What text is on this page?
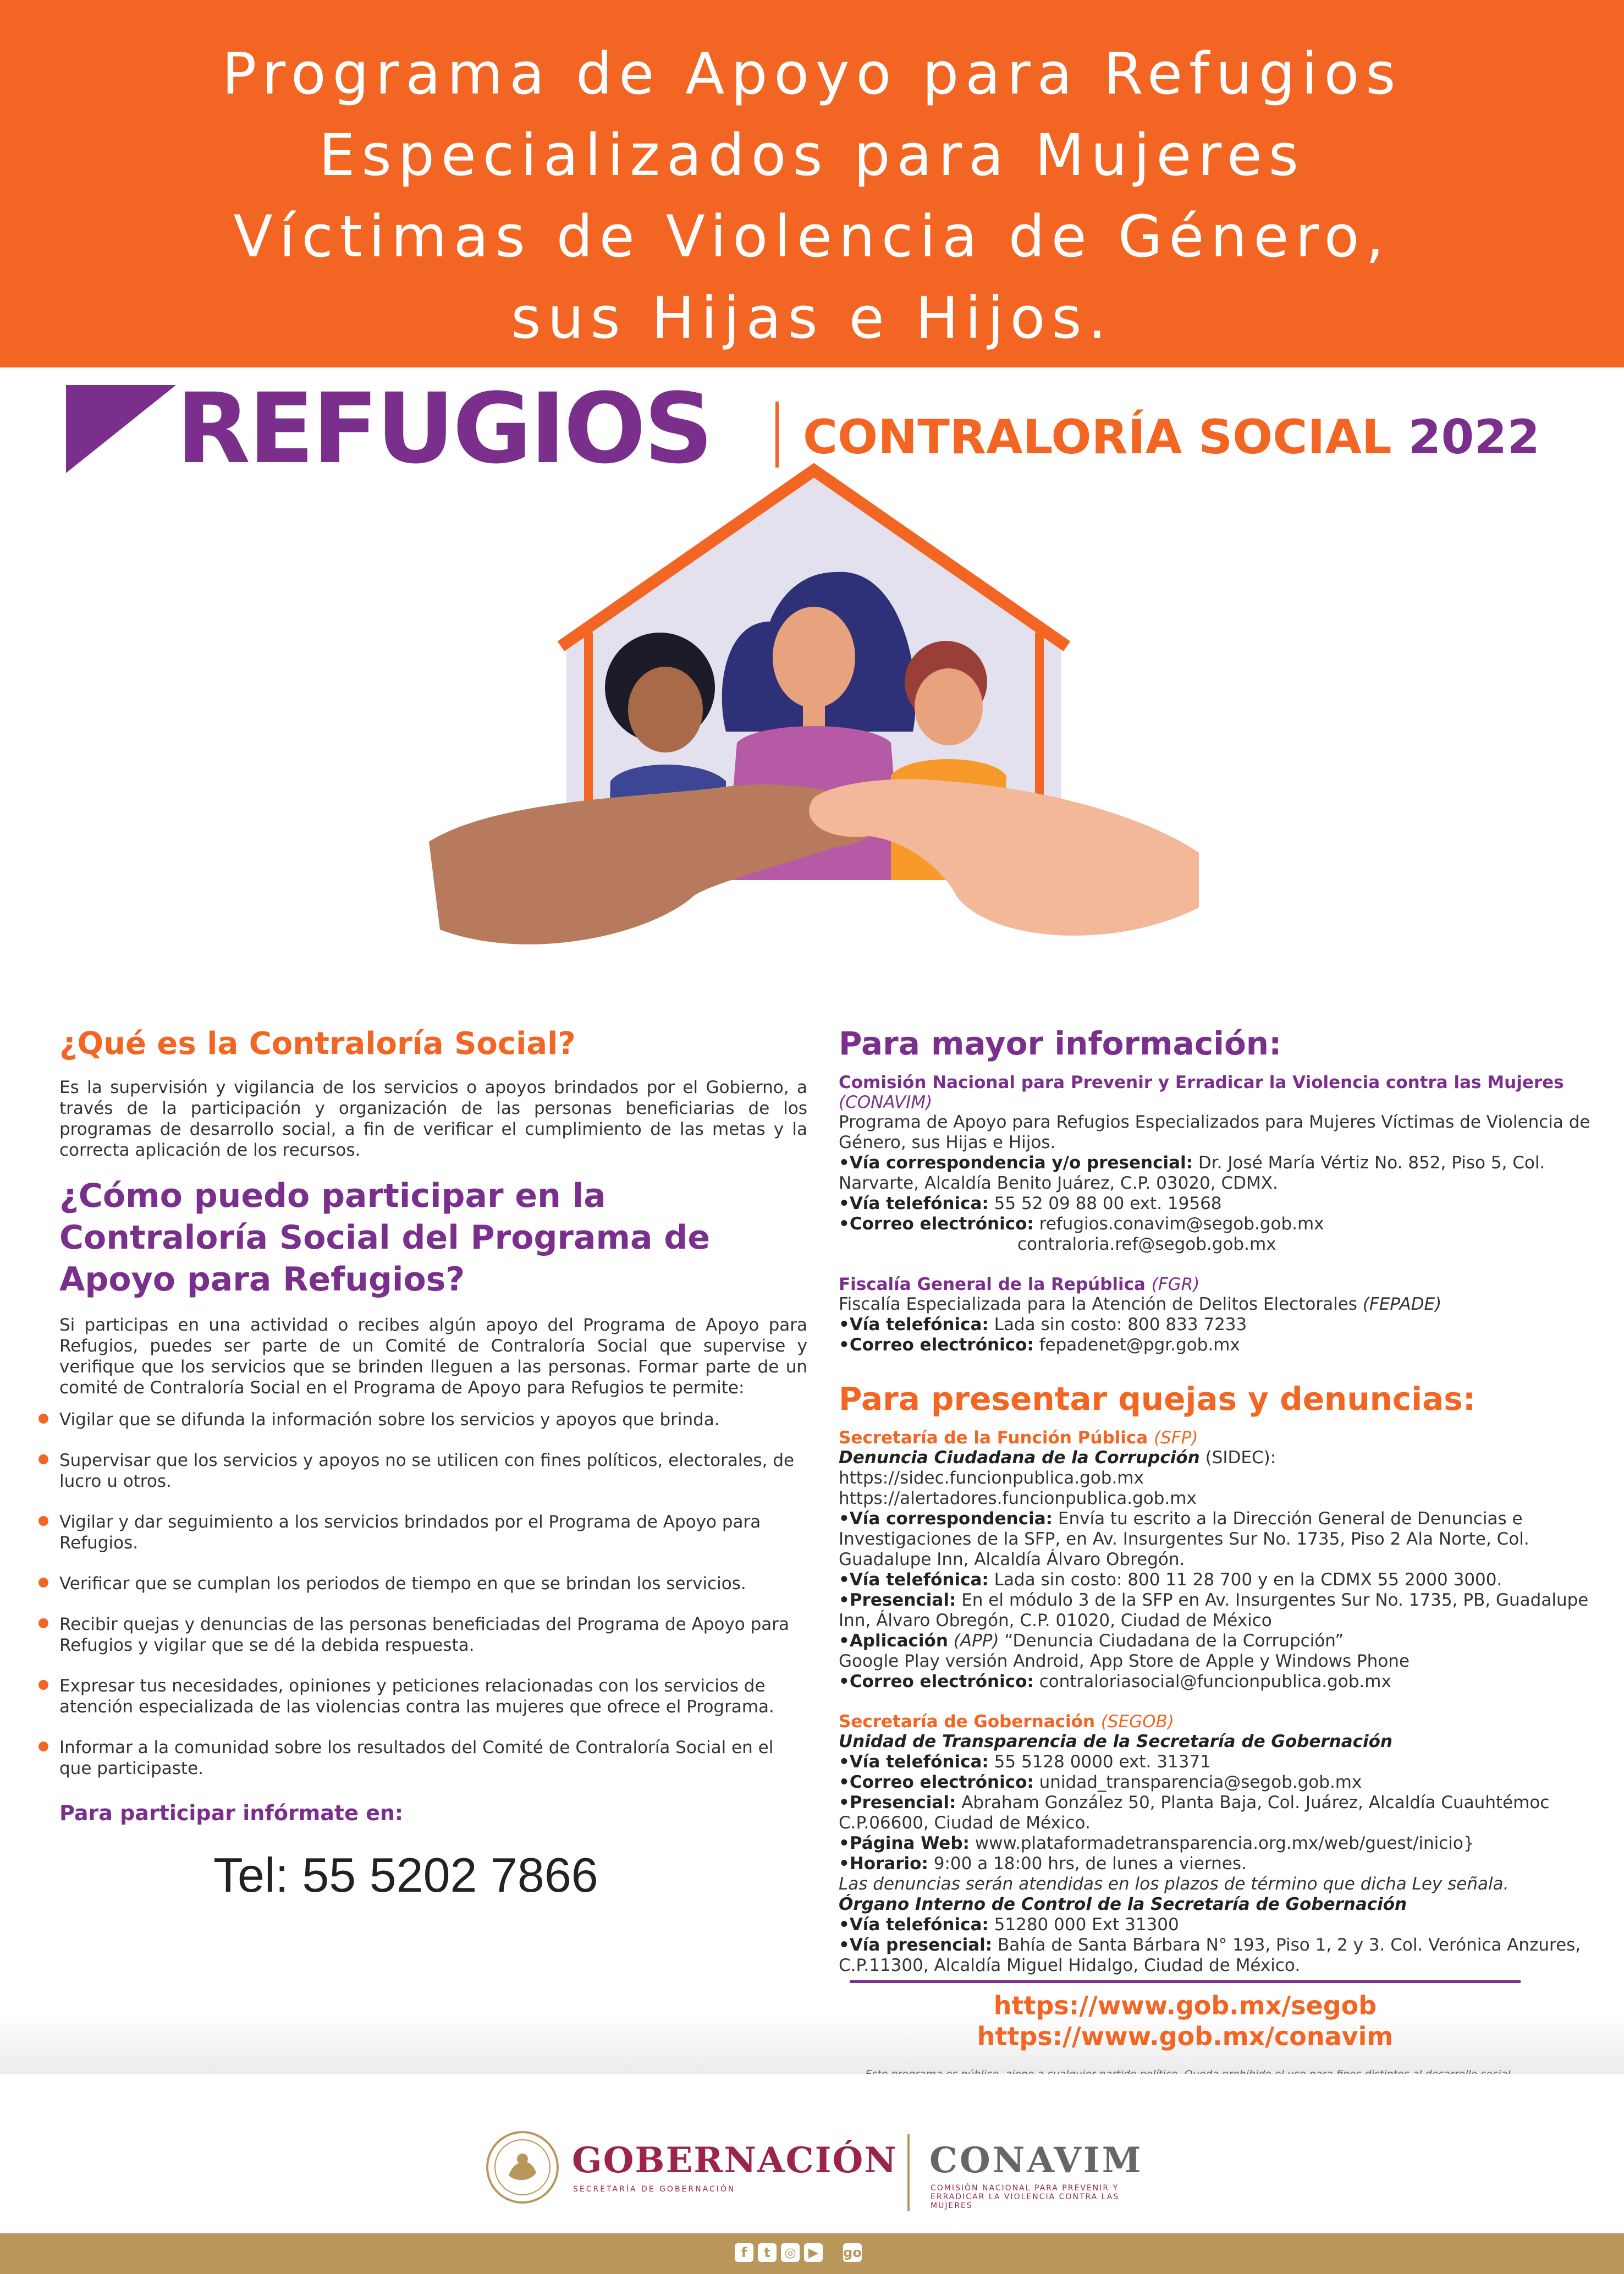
Programa de Apoyo para Refugios
Especializados para Mujeres
Víctimas de Violencia de Género,
sus Hijas e Hijos.
REFUGIOS CONTRALORÍA SOCIAL 2022
¿Qué es la Contraloría Social?

Es la supervisión y vigilancia de los servicios o apoyos brindados por el Gobierno, a través de la participación y organización de las personas beneficiarias de los programas de desarrollo social, a fin de verificar el cumplimiento de las metas y la correcta aplicación de los recursos.

¿Cómo puedo participar en la Contraloría Social del Programa de Apoyo para Refugios?

Si participas en una actividad o recibes algún apoyo del Programa de Apoyo para Refugios, puedes ser parte de un Comité de Contraloría Social que supervise y verifique que los servicios que se brinden lleguen a las personas. Formar parte de un comité de Contraloría Social en el Programa de Apoyo para Refugios te permite:

Vigilar que se difunda la información sobre los servicios y apoyos que brinda.
Supervisar que los servicios y apoyos no se utilicen con fines políticos, electorales, de lucro u otros.
Vigilar y dar seguimiento a los servicios brindados por el Programa de Apoyo para Refugios.
Verificar que se cumplan los periodos de tiempo en que se brindan los servicios.
Recibir quejas y denuncias de las personas beneficiadas del Programa de Apoyo para Refugios y vigilar que se dé la debida respuesta.
Expresar tus necesidades, opiniones y peticiones relacionadas con los servicios de atención especializada de las violencias contra las mujeres que ofrece el Programa.
Informar a la comunidad sobre los resultados del Comité de Contraloría Social en el que participaste.
Para participar infórmate en:
Tel: 55 5202 7866
Para mayor información:
Comisión Nacional para Prevenir y Erradicar la Violencia contra las Mujeres
(CONAVIM)
Programa de Apoyo para Refugios Especializados para Mujeres Víctimas de Violencia de Género, sus Hijas e Hijos.
•Vía correspondencia y/o presencial: Dr. José María Vértiz No. 852, Piso 5, Col. Narvarte, Alcaldía Benito Juárez, C.P. 03020, CDMX.
•Vía telefónica: 55 52 09 88 00 ext. 19568
•Correo electrónico: refugios.conavim@segob.gob.mx
contraloria.ref@segob.gob.mx
Fiscalía General de la República (FGR)
Fiscalía Especializada para la Atención de Delitos Electorales (FEPADE)
•Vía telefónica: Lada sin costo: 800 833 7233
•Correo electrónico: fepadenet@pgr.gob.mx
Para presentar quejas y denuncias:
Secretaría de la Función Pública (SFP)
Denuncia Ciudadana de la Corrupción (SIDEC):
https://sidec.funcionpublica.gob.mx
https://alertadores.funcionpublica.gob.mx
•Vía correspondencia: Envía tu escrito a la Dirección General de Denuncias e Investigaciones de la SFP, en Av. Insurgentes Sur No. 1735, Piso 2 Ala Norte, Col. Guadalupe Inn, Alcaldía Álvaro Obregón.
•Vía telefónica: Lada sin costo: 800 11 28 700 y en la CDMX 55 2000 3000.
•Presencial: En el módulo 3 de la SFP en Av. Insurgentes Sur No. 1735, PB, Guadalupe Inn, Álvaro Obregón, C.P. 01020, Ciudad de México
•Aplicación (APP) “Denuncia Ciudadana de la Corrupción”
Google Play versión Android, App Store de Apple y Windows Phone
•Correo electrónico: contraloriasocial@funcionpublica.gob.mx
Secretaría de Gobernación (SEGOB)
Unidad de Transparencia de la Secretaría de Gobernación
•Vía telefónica: 55 5128 0000 ext. 31371
•Correo electrónico: unidad_transparencia@segob.gob.mx
•Presencial: Abraham González 50, Planta Baja, Col. Juárez, Alcaldía Cuauhtémoc C.P.06600, Ciudad de México.
•Página Web: www.plataformadetransparencia.org.mx/web/guest/inicio}
•Horario: 9:00 a 18:00 hrs, de lunes a viernes.
Las denuncias serán atendidas en los plazos de término que dicha Ley señala.
Órgano Interno de Control de la Secretaría de Gobernación
•Vía telefónica: 51280 000 Ext 31300
•Vía presencial: Bahía de Santa Bárbara N° 193, Piso 1, 2 y 3. Col. Verónica Anzures, C.P.11300, Alcaldía Miguel Hidalgo, Ciudad de México.
https://www.gob.mx/segob
https://www.gob.mx/conavim
GOBERNACIÓN
SECRETARÍA DE GOBERNACIÓN
CONAVIM
COMISIÓN NACIONAL PARA PREVENIR Y ERRADICAR LA VIOLENCIA CONTRA LAS MUJERES
f t ◎ ▶ gob.mx/conavim
